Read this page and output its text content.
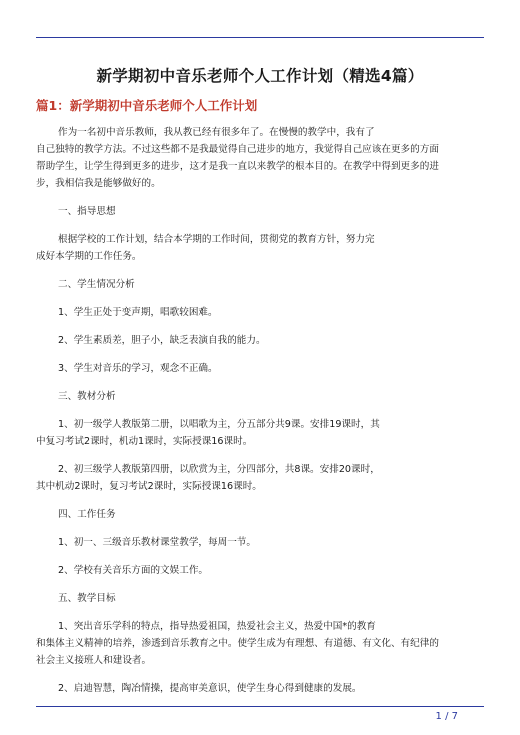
新学期初中音乐老师个人工作计划（精选4篇）
篇1：新学期初中音乐老师个人工作计划

作为一名初中音乐教师，我从教已经有很多年了。在慢慢的教学中，我有了
自己独特的教学方法。不过这些都不是我最觉得自己进步的地方，我觉得自己应该在更多的方面
帮助学生，让学生得到更多的进步，这才是我一直以来教学的根本目的。在教学中得到更多的进
步，我相信我是能够做好的。

一、指导思想

根据学校的工作计划，结合本学期的工作时间，贯彻党的教育方针，努力完
成好本学期的工作任务。

二、学生情况分析

1、学生正处于变声期，唱歌较困难。

2、学生素质差，胆子小，缺乏表演自我的能力。

3、学生对音乐的学习，观念不正确。

三、教材分析

1、初一级学人教版第二册，以唱歌为主，分五部分共9课。安排19课时，其
中复习考试2课时，机动1课时，实际授课16课时。

2、初三级学人教版第四册，以欣赏为主，分四部分，共8课。安排20课时，
其中机动2课时，复习考试2课时，实际授课16课时。

四、工作任务

1、初一、三级音乐教材课堂教学，每周一节。

2、学校有关音乐方面的文娱工作。

五、教学目标

1、突出音乐学科的特点，指导热爱祖国，热爱社会主义，热爱中国*的教育
和集体主义精神的培养，渗透到音乐教育之中。使学生成为有理想、有道德、有文化、有纪律的
社会主义接班人和建设者。

2、启迪智慧，陶冶情操，提高审美意识，使学生身心得到健康的发展。

1 / 7
